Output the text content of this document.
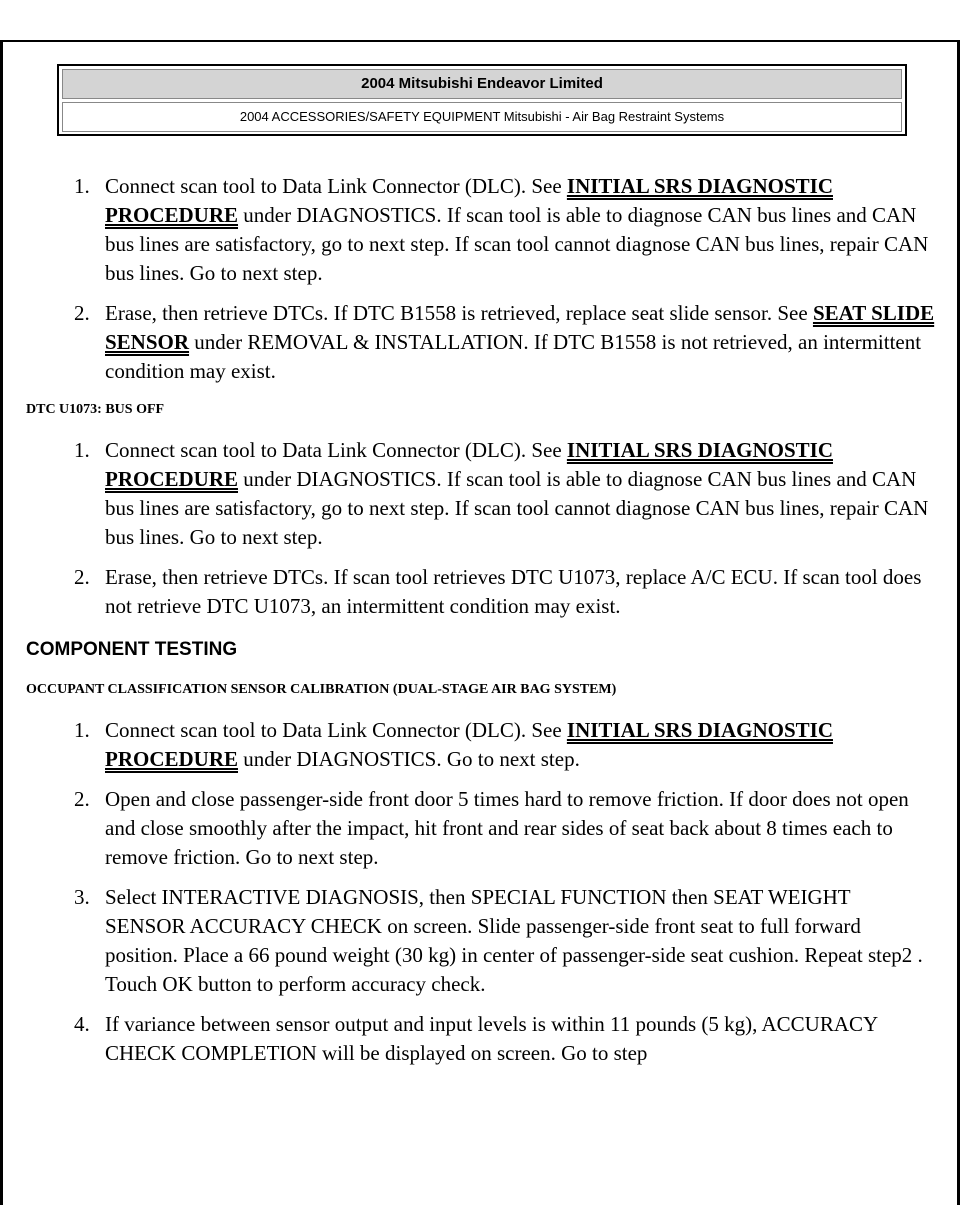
2004 Mitsubishi Endeavor Limited
2004 ACCESSORIES/SAFETY EQUIPMENT Mitsubishi - Air Bag Restraint Systems
1. Connect scan tool to Data Link Connector (DLC). See INITIAL SRS DIAGNOSTIC PROCEDURE under DIAGNOSTICS. If scan tool is able to diagnose CAN bus lines and CAN bus lines are satisfactory, go to next step. If scan tool cannot diagnose CAN bus lines, repair CAN bus lines. Go to next step.
2. Erase, then retrieve DTCs. If DTC B1558 is retrieved, replace seat slide sensor. See SEAT SLIDE SENSOR under REMOVAL & INSTALLATION. If DTC B1558 is not retrieved, an intermittent condition may exist.
DTC U1073: BUS OFF
1. Connect scan tool to Data Link Connector (DLC). See INITIAL SRS DIAGNOSTIC PROCEDURE under DIAGNOSTICS. If scan tool is able to diagnose CAN bus lines and CAN bus lines are satisfactory, go to next step. If scan tool cannot diagnose CAN bus lines, repair CAN bus lines. Go to next step.
2. Erase, then retrieve DTCs. If scan tool retrieves DTC U1073, replace A/C ECU. If scan tool does not retrieve DTC U1073, an intermittent condition may exist.
COMPONENT TESTING
OCCUPANT CLASSIFICATION SENSOR CALIBRATION (DUAL-STAGE AIR BAG SYSTEM)
1. Connect scan tool to Data Link Connector (DLC). See INITIAL SRS DIAGNOSTIC PROCEDURE under DIAGNOSTICS. Go to next step.
2. Open and close passenger-side front door 5 times hard to remove friction. If door does not open and close smoothly after the impact, hit front and rear sides of seat back about 8 times each to remove friction. Go to next step.
3. Select INTERACTIVE DIAGNOSIS, then SPECIAL FUNCTION then SEAT WEIGHT SENSOR ACCURACY CHECK on screen. Slide passenger-side front seat to full forward position. Place a 66 pound weight (30 kg) in center of passenger-side seat cushion. Repeat step2 . Touch OK button to perform accuracy check.
4. If variance between sensor output and input levels is within 11 pounds (5 kg), ACCURACY CHECK COMPLETION will be displayed on screen. Go to step
